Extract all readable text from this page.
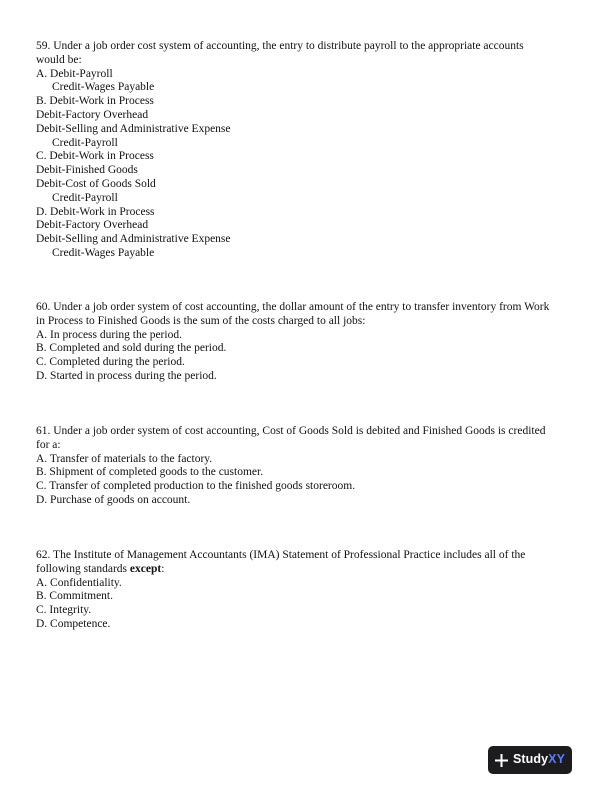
59. Under a job order cost system of accounting, the entry to distribute payroll to the appropriate accounts
would be:
A. Debit-Payroll
Credit-Wages Payable
B. Debit-Work in Process
Debit-Factory Overhead
Debit-Selling and Administrative Expense
Credit-Payroll
C. Debit-Work in Process
Debit-Finished Goods
Debit-Cost of Goods Sold
Credit-Payroll
D. Debit-Work in Process
Debit-Factory Overhead
Debit-Selling and Administrative Expense
Credit-Wages Payable
60. Under a job order system of cost accounting, the dollar amount of the entry to transfer inventory from Work
in Process to Finished Goods is the sum of the costs charged to all jobs:
A. In process during the period.
B. Completed and sold during the period.
C. Completed during the period.
D. Started in process during the period.
61. Under a job order system of cost accounting, Cost of Goods Sold is debited and Finished Goods is credited
for a:
A. Transfer of materials to the factory.
B. Shipment of completed goods to the customer.
C. Transfer of completed production to the finished goods storeroom.
D. Purchase of goods on account.
62. The Institute of Management Accountants (IMA) Statement of Professional Practice includes all of the
following standards except:
A. Confidentiality.
B. Commitment.
C. Integrity.
D. Competence.
Study XY
